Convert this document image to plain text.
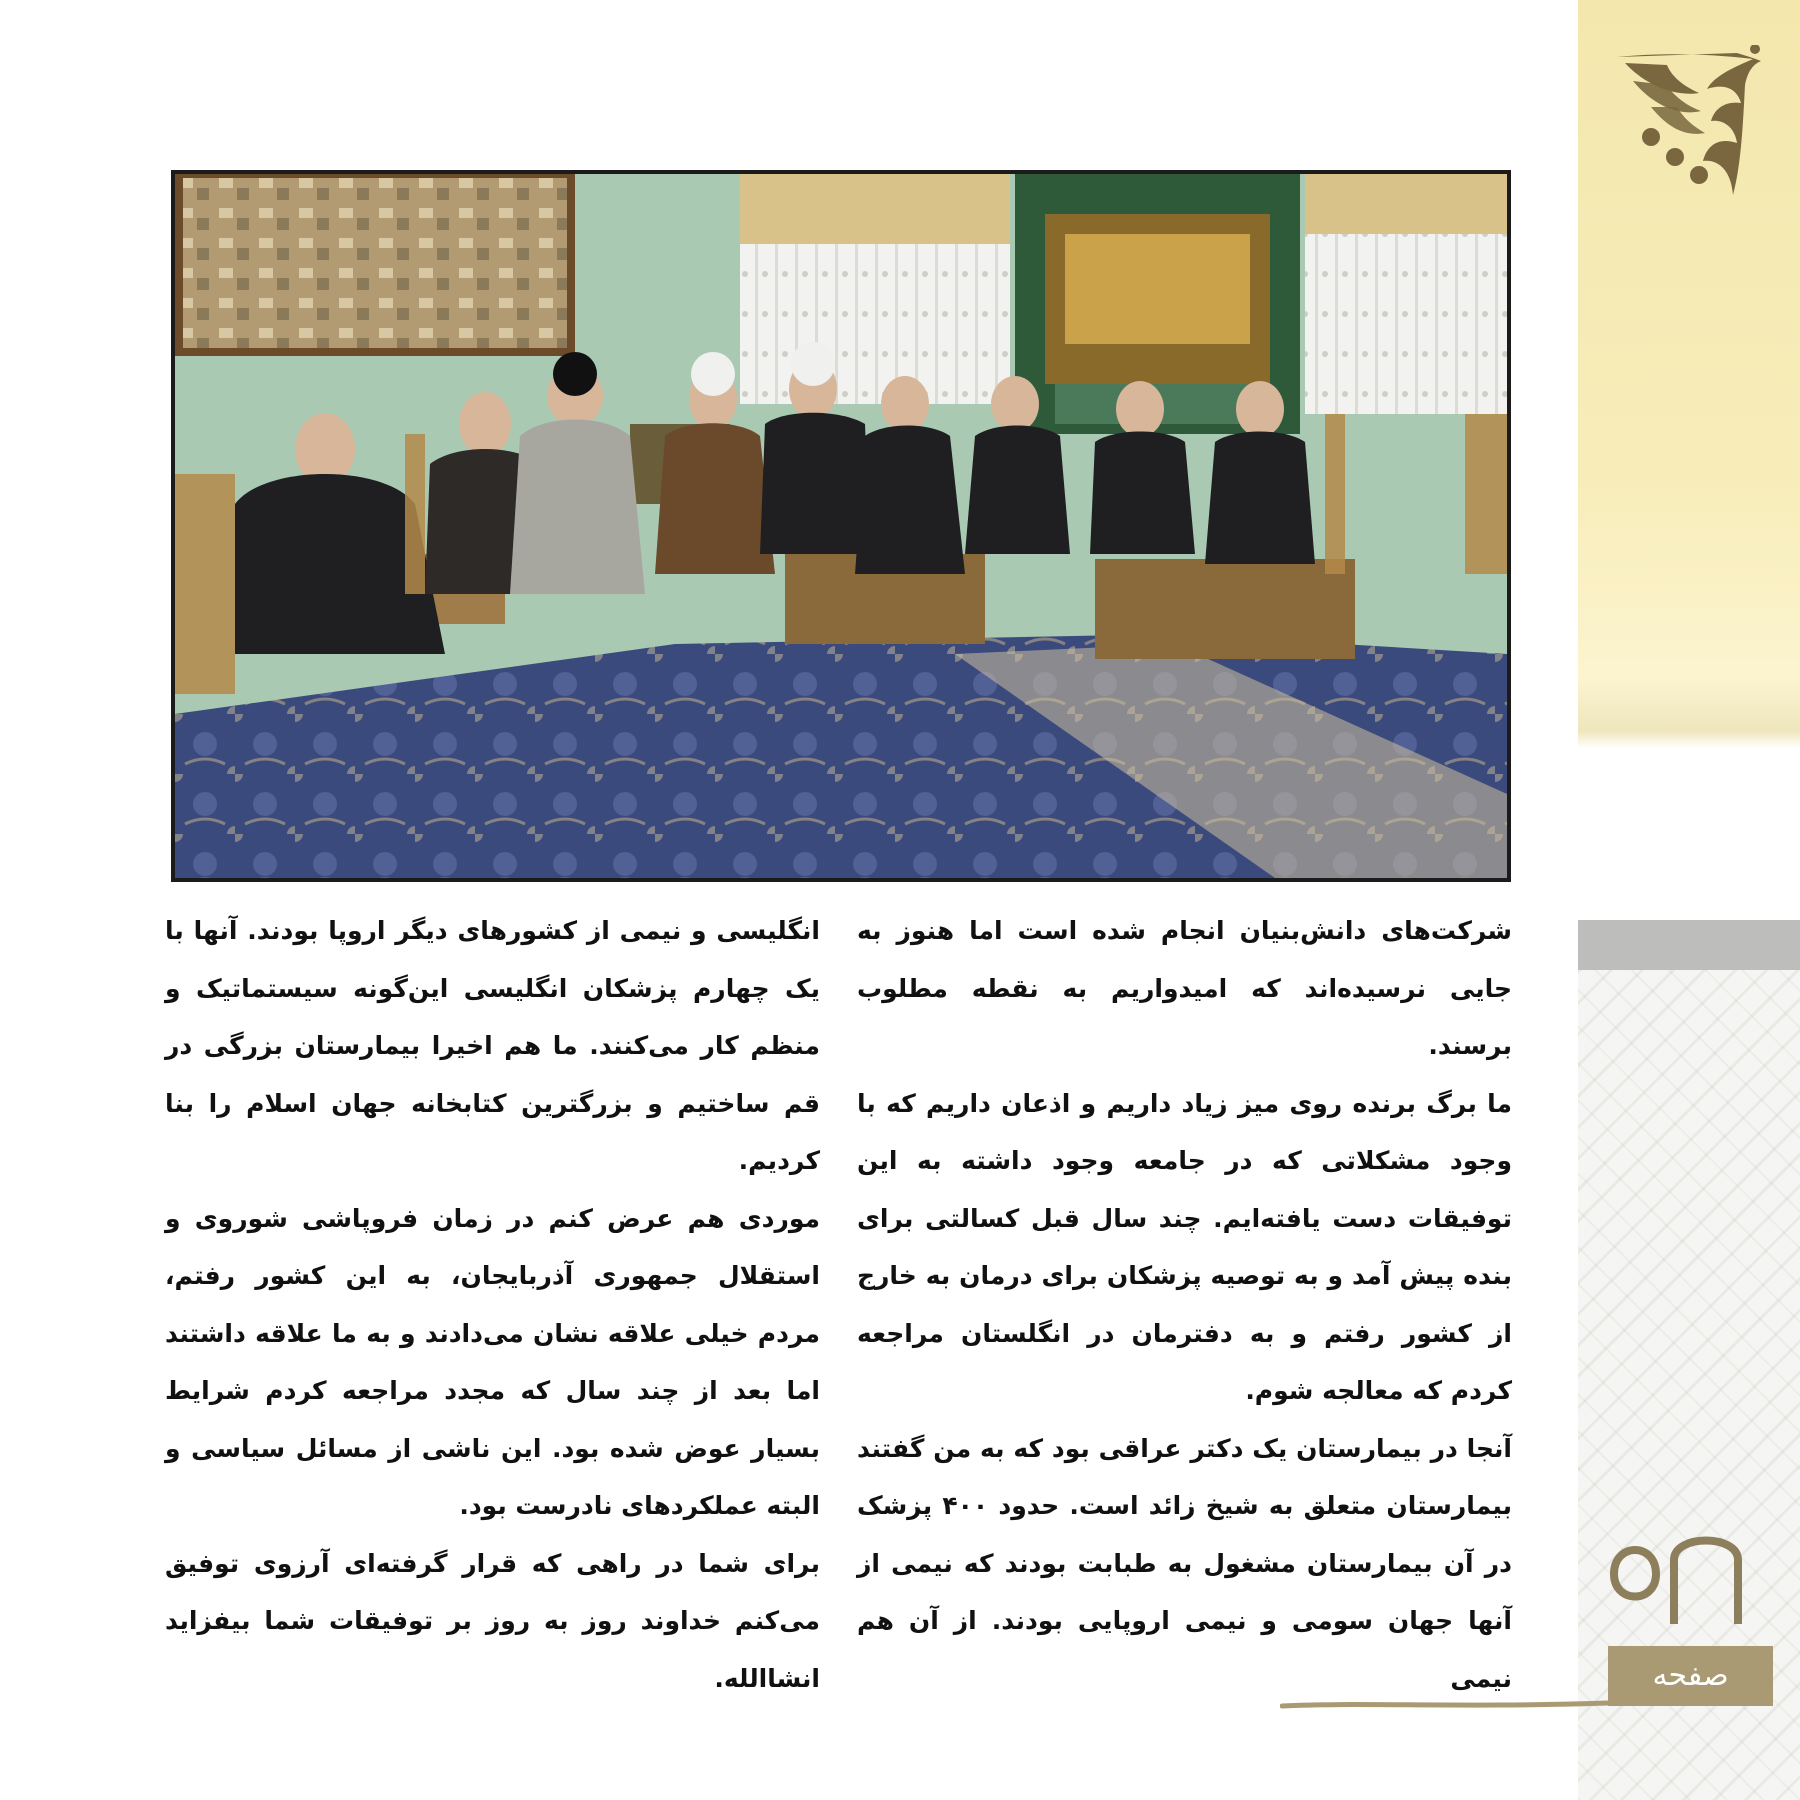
شرکت‌های دانش‌بنیان انجام شده است اما هنوز به جایی نرسیده‌اند که امیدواریم به نقطه مطلوب برسند.

ما برگ برنده روی میز زیاد داریم و اذعان داریم که با وجود مشکلاتی که در جامعه وجود داشته به این توفیقات دست یافته‌ایم. چند سال قبل کسالتی برای بنده پیش آمد و به توصیه پزشکان برای درمان به خارج از کشور رفتم و به دفترمان در انگلستان مراجعه کردم که معالجه شوم.

آنجا در بیمارستان یک دکتر عراقی بود که به من گفتند بیمارستان متعلق به شیخ زائد است. حدود ۴۰۰ پزشک در آن بیمارستان مشغول به طبابت بودند که نیمی از آنها جهان سومی و نیمی اروپایی بودند. از آن هم نیمی

انگلیسی و نیمی از کشورهای دیگر اروپا بودند. آنها با یک چهارم پزشکان انگلیسی این‌گونه سیستماتیک و منظم کار می‌کنند. ما هم اخیرا بیمارستان بزرگی در قم ساختیم و بزرگترین کتابخانه جهان اسلام را بنا کردیم.

موردی هم عرض کنم در زمان فروپاشی شوروی و استقلال جمهوری آذربایجان، به این کشور رفتم، مردم خیلی علاقه نشان می‌دادند و به ما علاقه داشتند اما بعد از چند سال که مجدد مراجعه کردم شرایط بسیار عوض شده بود. این ناشی از مسائل سیاسی و البته عملکردهای نادرست بود.

برای شما در راهی که قرار گرفته‌ای آرزوی توفیق می‌کنم خداوند روز به روز بر توفیقات شما بیفزاید انشاالله.	صفحه
